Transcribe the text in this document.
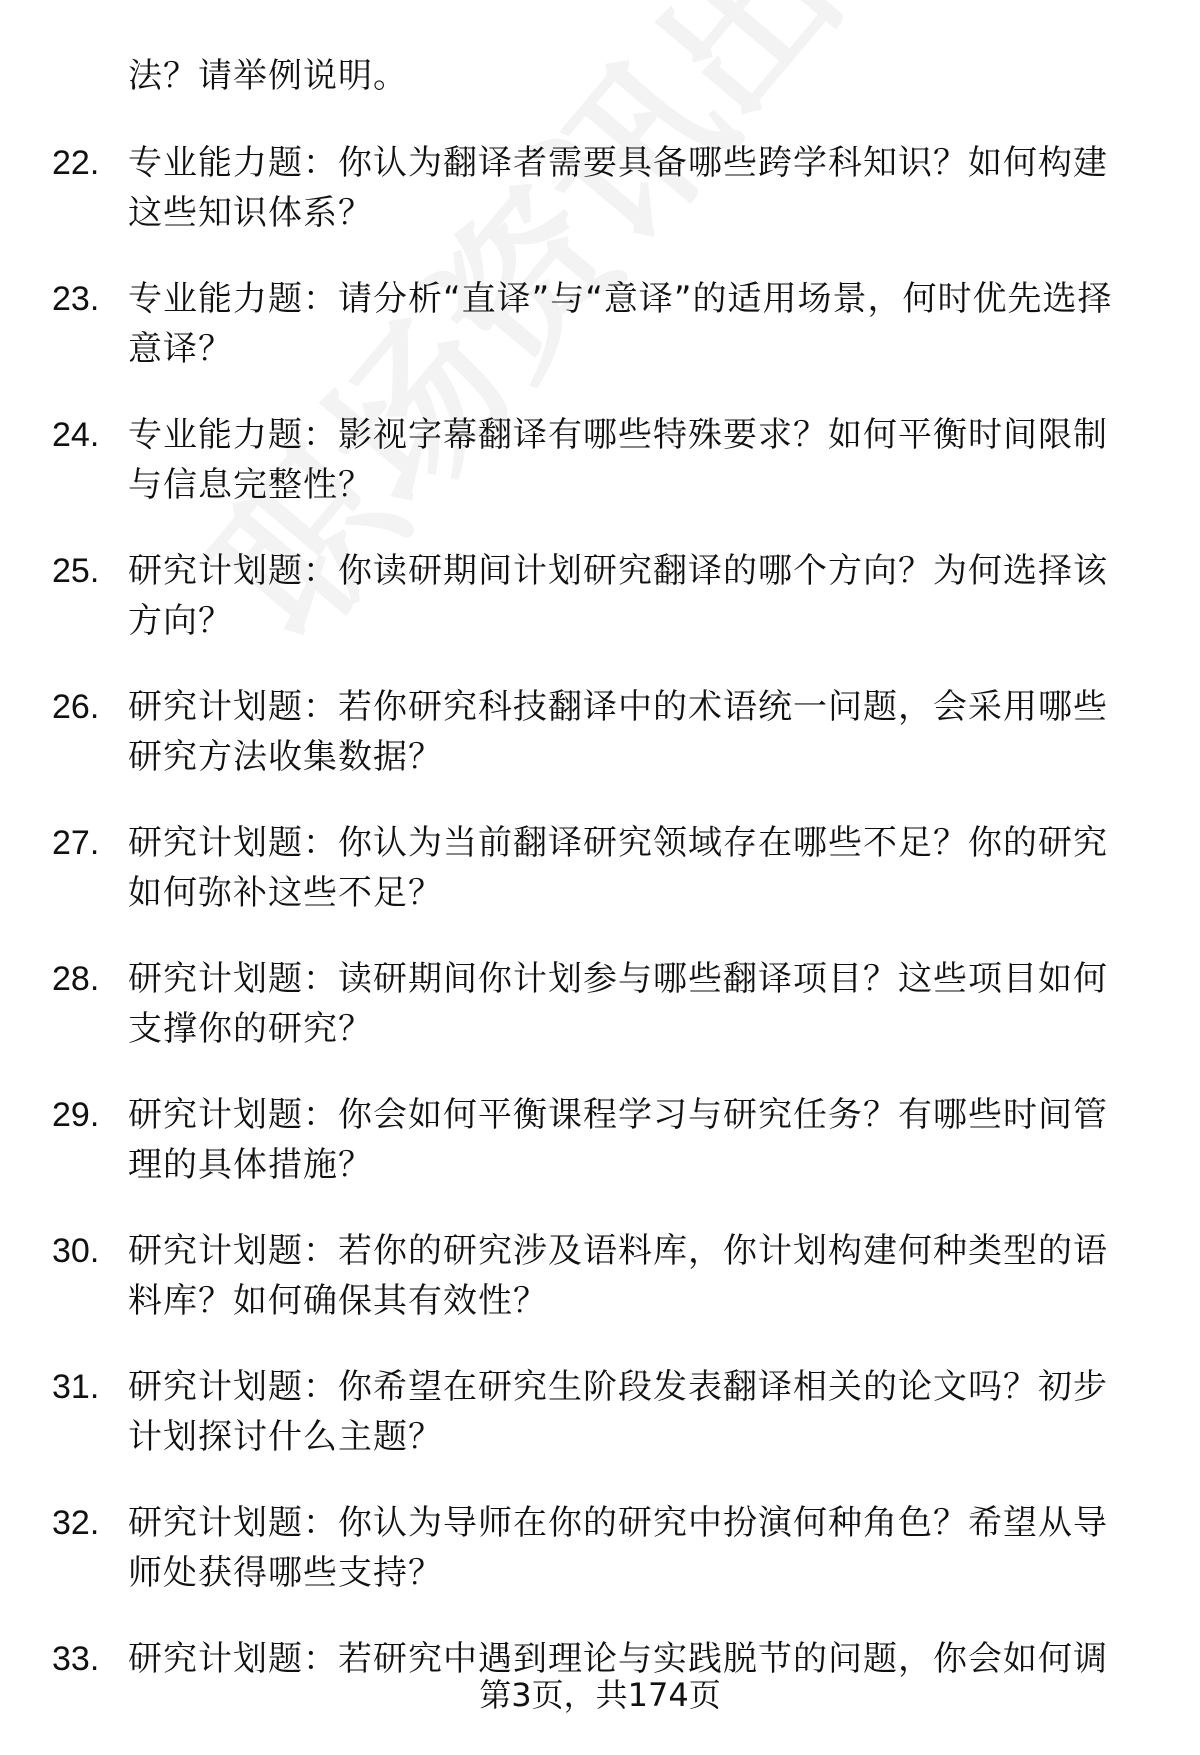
法？请举例说明。
22. 专业能力题：你认为翻译者需要具备哪些跨学科知识？如何构建这些知识体系？
23. 专业能力题：请分析“直译”与“意译”的适用场景，何时优先选择意译？
24. 专业能力题：影视字幕翻译有哪些特殊要求？如何平衡时间限制与信息完整性？
25. 研究计划题：你读研期间计划研究翻译的哪个方向？为何选择该方向？
26. 研究计划题：若你研究科技翻译中的术语统一问题，会采用哪些研究方法收集数据？
27. 研究计划题：你认为当前翻译研究领域存在哪些不足？你的研究如何弥补这些不足？
28. 研究计划题：读研期间你计划参与哪些翻译项目？这些项目如何支撑你的研究？
29. 研究计划题：你会如何平衡课程学习与研究任务？有哪些时间管理的具体措施？
30. 研究计划题：若你的研究涉及语料库，你计划构建何种类型的语料库？如何确保其有效性？
31. 研究计划题：你希望在研究生阶段发表翻译相关的论文吗？初步计划探讨什么主题？
32. 研究计划题：你认为导师在你的研究中扮演何种角色？希望从导师处获得哪些支持？
33. 研究计划题：若研究中遇到理论与实践脱节的问题，你会如何调
第3页，共174页
